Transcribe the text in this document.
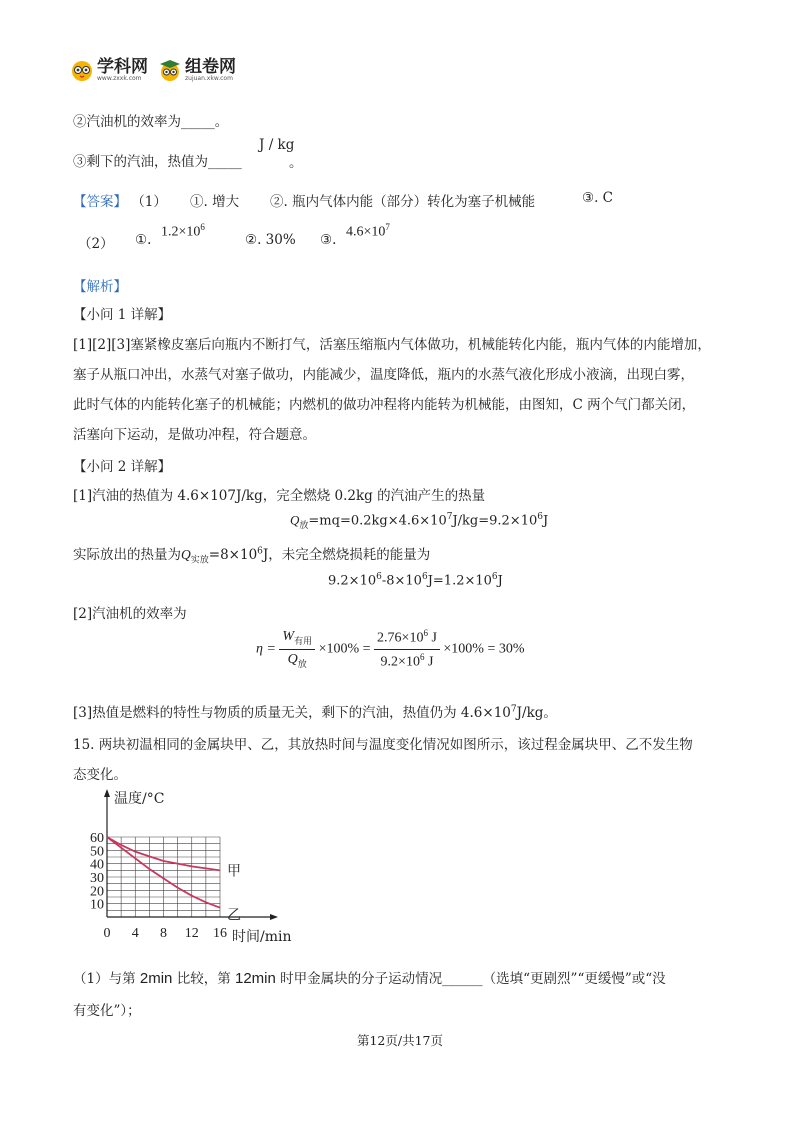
学科网
www.zxxk.com
组卷网
zujuan.xkw.com
②汽油机的效率为_____。
③剩下的汽油，热值为_____
J / kg
。
【答案】 （1） ①. 增大 ②. 瓶内气体内能（部分）转化为塞子机械能	③. C
（2） ①. $1.2\times 10^6$
②. 30% ③. $4.6\times 10^7$
【解析】
【小问 1 详解】
[1][2][3]塞紧橡皮塞后向瓶内不断打气，活塞压缩瓶内气体做功，机械能转化内能，瓶内气体的内能增加，
塞子从瓶口冲出，水蒸气对塞子做功，内能减少，温度降低，瓶内的水蒸气液化形成小液滴，出现白雾，
此时气体的内能转化塞子的机械能；内燃机的做功冲程将内能转为机械能，由图知，C 两个气门都关闭，
活塞向下运动，是做功冲程，符合题意。
【小问 2 详解】
[1]汽油的热值为 4.6×107J/kg，完全燃烧 0.2kg 的汽油产生的热量
$Q_放=mq=0.2kg\times 4.6\times 10^7J/kg=9.2\times 10^6J$
实际放出的热量为$Q_{实放}=8\times 10^6J$，未完全燃烧损耗的能量为
$9.2\times 10^6-8\times 10^6J=1.2\times 10^6J$
[2]汽油机的效率为
$\eta = \frac{W_{有用}}{Q_放} \times 100\% = \frac{2.76\times 10^6 J}{9.2\times 10^6 J} \times 100\% = 30\%$
[3]热值是燃料的特性与物质的质量无关，剩下的汽油，热值仍为 $4.6\times 10^7J/kg$。
15. 两块初温相同的金属块甲、乙，其放热时间与温度变化情况如图所示，该过程金属块甲、乙不发生物
态变化。
0 4 8 12 16
10
20
30
40
50
60
甲
乙
温度/°C
时间/min
（1）与第 2min 比较，第 12min 时甲金属块的分子运动情况______（选填“更剧烈”“更缓慢”或“没
有变化”）；
第12页/共17页
